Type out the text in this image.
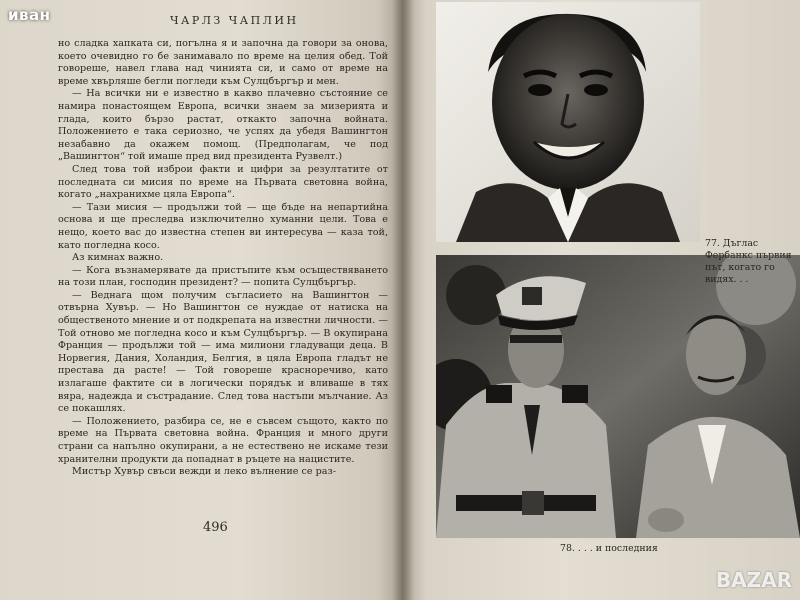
ЧАРЛЗ ЧАПЛИН

но сладка хапката си, погълна я и започна да говори за онова, което очевидно го бе занимавало по време на целия обед. Той говореше, навел глава над чинията си, и само от време на време хвърляше бегли погледи към Сулцбъргър и мен.

— На всички ни е известно в какво плачевно състояние се намира понастоящем Европа, всички знаем за мизерията и глада, които бързо растат, откакто започна войната. Положението е така сериозно, че успях да убедя Вашингтон незабавно да окажем помощ. (Предполагам, че под „Вашингтон“ той имаше пред вид президента Рузвелт.)

След това той изброи факти и цифри за резултатите от последната си мисия по време на Първата световна война, когато „нахранихме цяла Европа“.

— Тази мисия — продължи той — ще бъде на непартийна основа и ще преследва изключително хуманни цели. Това е нещо, което вас до известна степен ви интересува — каза той, като погледна косо.

Аз кимнах важно.

— Кога възнамерявате да пристъпите към осъществяването на този план, господин президент? — попита Сулцбъргър.

— Веднага щом получим съгласието на Вашингтон — отвърна Хувър. — Но Вашингтон се нуждае от натиска на общественото мнение и от подкрепата на известни личности. — Той отново ме погледна косо и към Сулцбъргър. — В окупирана Франция — продължи той — има милиони гладуващи деца. В Норвегия, Дания, Холандия, Белгия, в цяла Европа гладът не престава да расте! — Той говореше красноречиво, като излагаше фактите си в логически порядък и вливаше в тях вяра, надежда и състрадание. След това настъпи мълчание. Аз се покашлях.

— Положението, разбира се, не е съвсем същото, както по време на Първата световна война. Франция и много други страни са напълно окупирани, а не естествено не искаме тези хранителни продукти да попаднат в ръцете на нацистите.

Мистър Хувър свъси вежди и леко вълнение се раз-

496
77. Дъглас Фербанкс първия път, когато го видях. . .
78. . . . и последния
иван
BAZAR
